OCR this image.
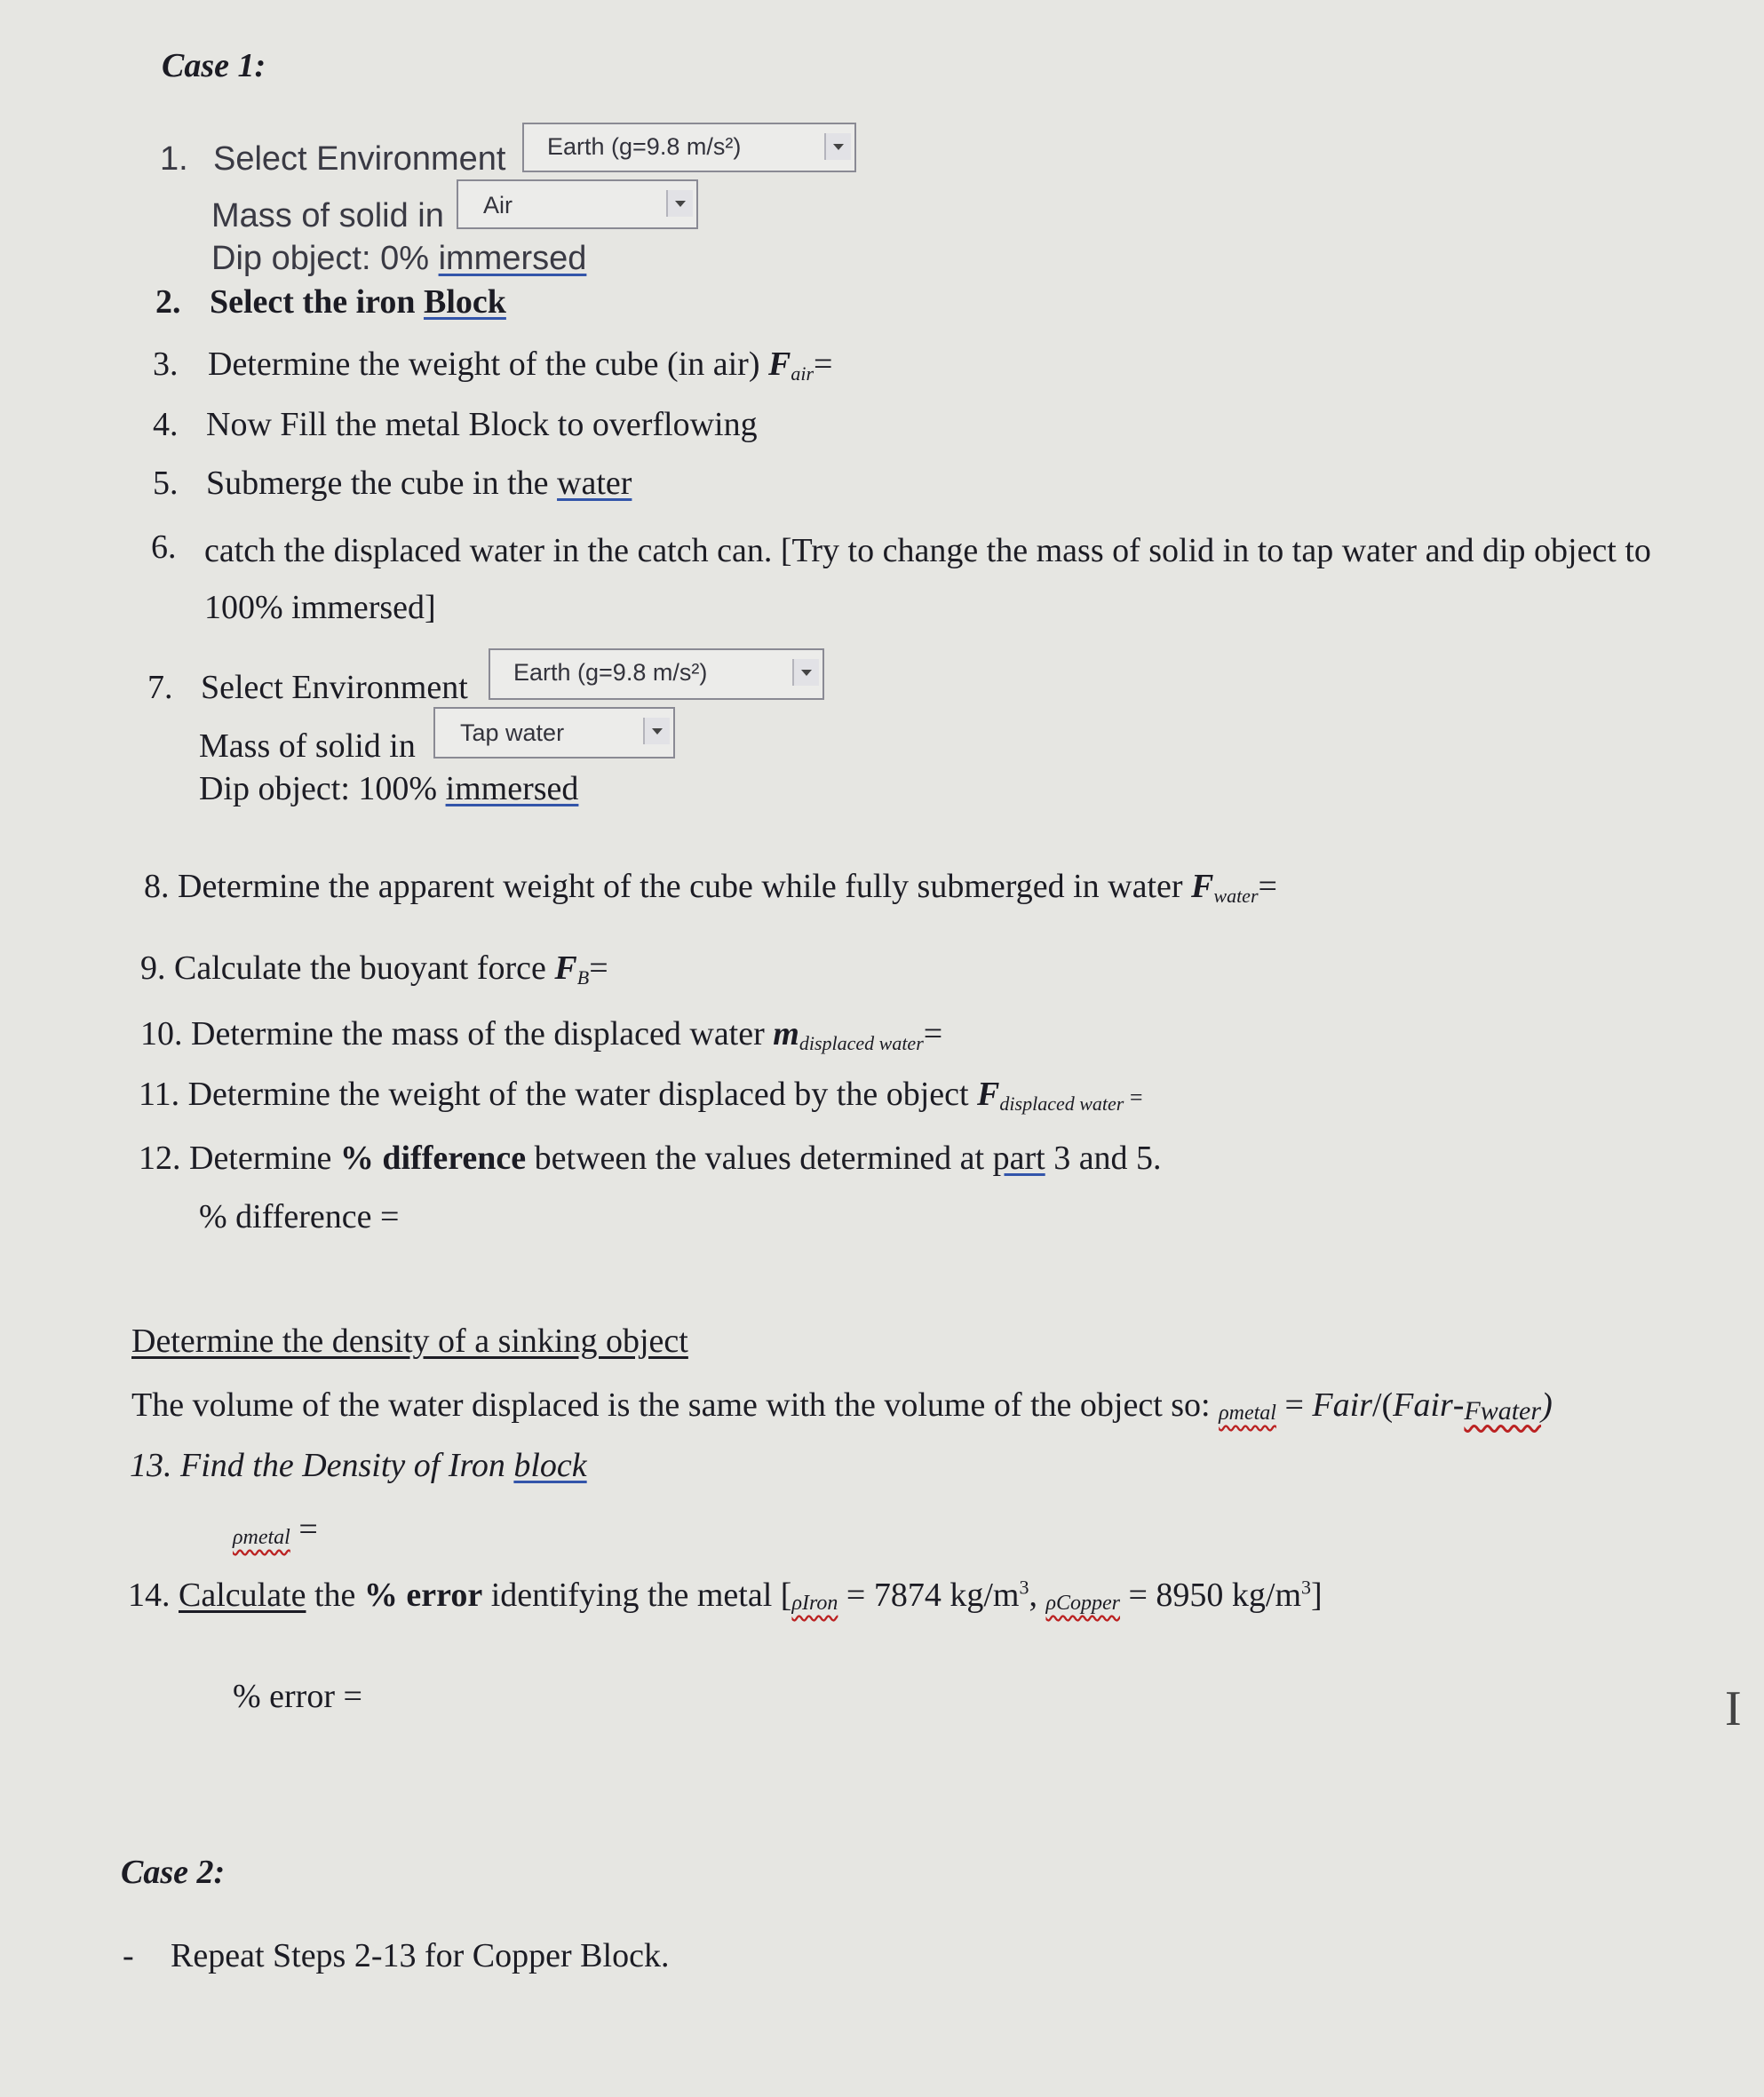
Case 1:
1. Select Environment Earth (g=9.8 m/s²)
Mass of solid in Air
Dip object: 0% immersed
2. Select the iron Block
3. Determine the weight of the cube (in air) $F_{air}=$
4. Now Fill the metal Block to overflowing
5. Submerge the cube in the water
6. catch the displaced water in the catch can. [Try to change the mass of solid in to tap water and dip object to
100% immersed]
7. Select Environment Earth (g=9.8 m/s²)
Mass of solid in Tap water
Dip object: 100% immersed
8. Determine the apparent weight of the cube while fully submerged in water $F_{water}=$
9. Calculate the buoyant force $F_B=$
10. Determine the mass of the displaced water $m_{displaced water}=$
11. Determine the weight of the water displaced by the object $F_{displaced water}$ =
12. Determine % difference between the values determined at part 3 and 5.
% difference =
Determine the density of a sinking object
The volume of the water displaced is the same with the volume of the object so: ρmetal = Fair/(Fair-Fwater)
13. Find the Density of Iron block
ρmetal =
14. Calculate the % error identifying the metal [ρIron = 7874 $kg/m^3$, ρCopper = 8950 $kg/m^3$]
% error =	I
Case 2:
- Repeat Steps 2-13 for Copper Block.
